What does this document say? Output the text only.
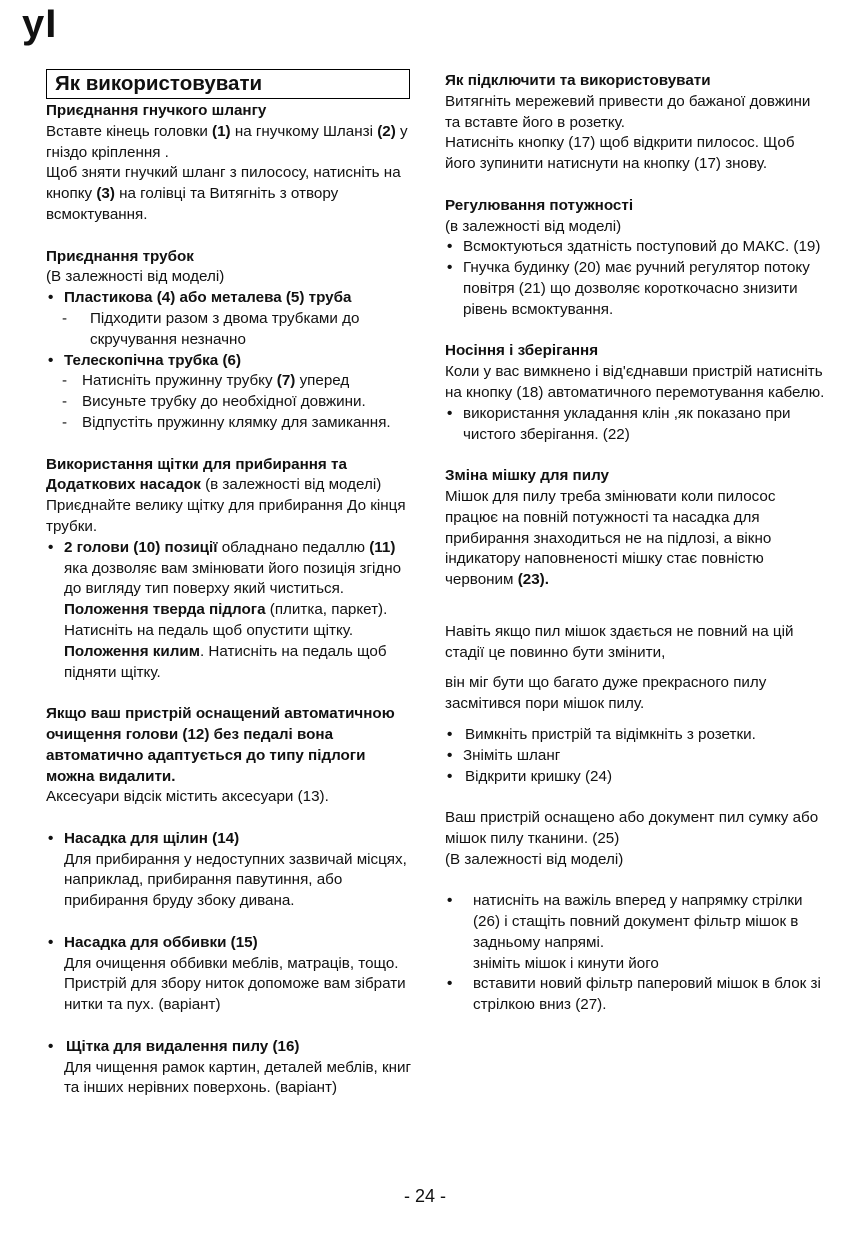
yI
Як використовувати

Приєднання гнучкого шлангу

Вставте кінець головки (1) на гнучкому Шланзі (2) у гніздо кріплення .

Щоб зняти гнучкий шланг з пилососу, натисніть на кнопку (3) на голівці та Витягніть з отвору всмоктування.

Приєднання трубок

(В залежності від моделі)

• Пластикова (4) або металева (5) труба

- Підходити разом з двома трубками до скручування незначно

• Телескопічна трубка (6)

- Натисніть пружинну трубку (7) уперед

- Висуньте трубку до необхідної довжини.

- Відпустіть пружинну клямку для замикання.

Використання щітки для прибирання та Додаткових насадок (в залежності від моделі)

Приєднайте велику щітку для прибирання До кінця трубки.

• 2 голови (10) позиції обладнано педаллю (11) яка дозволяє вам змінювати його позиція згідно до вигляду тип поверху який чиститься. Положення тверда підлога (плитка, паркет). Натисніть на педаль щоб опустити щітку. Положення килим. Натисніть на педаль щоб підняти щітку.

Якщо ваш пристрій оснащений автоматичною очищення голови (12) без педалі вона автоматично адаптується до типу підлоги можна видалити.

Аксесуари відсік містить аксесуари (13).

• Насадка для щілин (14)

Для прибирання у недоступних зазвичай місцях, наприклад, прибирання павутиння, або прибирання бруду збоку дивана.

• Насадка для оббивки (15)

Для очищення оббивки меблів, матраців, тощо.

Пристрій для збору ниток допоможе вам зібрати нитки та пух. (варіант)

• Щітка для видалення пилу (16)

Для чищення рамок картин, деталей меблів, книг та інших нерівних поверхонь. (варіант)

Як підключити та використовувати

Витягніть мережевий привести до бажаної довжини та вставте його в розетку.

Натисніть кнопку (17) щоб відкрити пилосос. Щоб його зупинити натиснути на кнопку (17) знову.

Регулювання потужності

(в залежності від моделі)

• Всмоктуються здатність поступовий до МАКС. (19)

• Гнучка будинку (20) має ручний регулятор потоку повітря (21) що дозволяє короткочасно знизити рівень всмоктування.

Носіння і зберігання

Коли у вас вимкнено і від'єднавши пристрій натисніть на кнопку (18) автоматичного перемотування кабелю.

• використання укладання клін ,як показано при чистого зберігання. (22)

Зміна мішку для пилу

Мішок для пилу треба змінювати коли пилосос працює на повній потужності та насадка для прибирання знаходиться не на підлозі, а вікно індикатору наповненості мішку стає повністю червоним (23).

Навіть якщо пил мішок здається не повний на цій стадії це повинно бути змінити,

він міг бути що багато дуже прекрасного пилу засмітився пори мішок пилу.

• Вимкніть пристрій та відімкніть з розетки.

• Зніміть шланг

• Відкрити кришку (24)

Ваш пристрій оснащено або документ пил сумку або мішок пилу тканини. (25)

(В залежності від моделі)

• натисніть на важіль вперед у напрямку стрілки (26) і стащіть повний документ фільтр мішок в задньому напрямі.
зніміть мішок і кинути його

• вставити новий фільтр паперовий мішок в блок зі стрілкою вниз (27).

- 24 -
